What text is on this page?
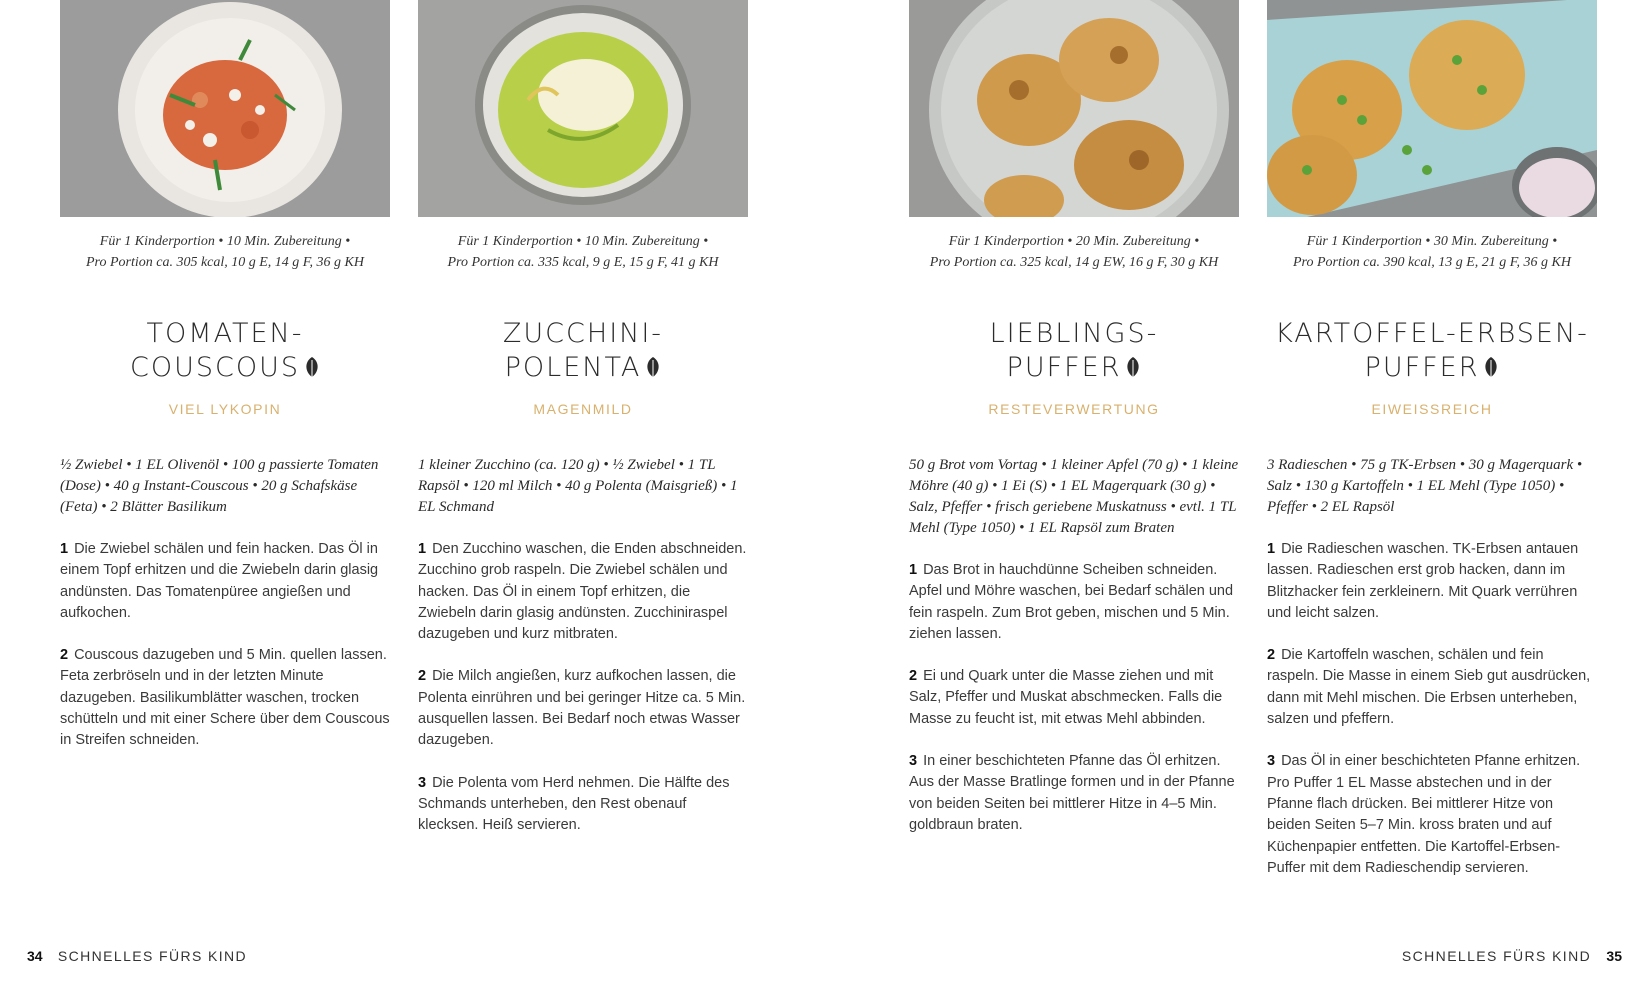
Für 1 Kinderportion • 10 Min. Zubereitung •
Pro Portion ca. 305 kcal, 10 g E, 14 g F, 36 g KH
TOMATEN-
COUSCOUS
VIEL LYKOPIN
½ Zwiebel • 1 EL Olivenöl • 100 g passierte Tomaten (Dose) • 40 g Instant-Couscous • 20 g Schafskäse (Feta) • 2 Blätter Basilikum
1 Die Zwiebel schälen und fein hacken. Das Öl in einem Topf erhitzen und die Zwiebeln darin glasig andünsten. Das Tomatenpüree angießen und aufkochen.
2 Couscous dazugeben und 5 Min. quellen lassen. Feta zerbröseln und in der letzten Minute dazugeben. Basilikumblätter waschen, trocken schütteln und mit einer Schere über dem Couscous in Streifen schneiden.
Für 1 Kinderportion • 10 Min. Zubereitung •
Pro Portion ca. 335 kcal, 9 g E, 15 g F, 41 g KH
ZUCCHINI-
POLENTA
MAGENMILD
1 kleiner Zucchino (ca. 120 g) • ½ Zwiebel • 1 TL Rapsöl • 120 ml Milch • 40 g Polenta (Maisgrieß) • 1 EL Schmand
1 Den Zucchino waschen, die Enden abschneiden. Zucchino grob raspeln. Die Zwiebel schälen und hacken. Das Öl in einem Topf erhitzen, die Zwiebeln darin glasig andünsten. Zucchiniraspel dazugeben und kurz mitbraten.
2 Die Milch angießen, kurz aufkochen lassen, die Polenta einrühren und bei geringer Hitze ca. 5 Min. ausquellen lassen. Bei Bedarf noch etwas Wasser dazugeben.
3 Die Polenta vom Herd nehmen. Die Hälfte des Schmands unterheben, den Rest obenauf klecksen. Heiß servieren.
Für 1 Kinderportion • 20 Min. Zubereitung •
Pro Portion ca. 325 kcal, 14 g EW, 16 g F, 30 g KH
LIEBLINGS-
PUFFER
RESTEVERWERTUNG
50 g Brot vom Vortag • 1 kleiner Apfel (70 g) • 1 kleine Möhre (40 g) • 1 Ei (S) • 1 EL Magerquark (30 g) • Salz, Pfeffer • frisch geriebene Muskatnuss • evtl. 1 TL Mehl (Type 1050) • 1 EL Rapsöl zum Braten
1 Das Brot in hauchdünne Scheiben schneiden. Apfel und Möhre waschen, bei Bedarf schälen und fein raspeln. Zum Brot geben, mischen und 5 Min. ziehen lassen.
2 Ei und Quark unter die Masse ziehen und mit Salz, Pfeffer und Muskat abschmecken. Falls die Masse zu feucht ist, mit etwas Mehl abbinden.
3 In einer beschichteten Pfanne das Öl erhitzen. Aus der Masse Bratlinge formen und in der Pfanne von beiden Seiten bei mittlerer Hitze in 4–5 Min. goldbraun braten.
Für 1 Kinderportion • 30 Min. Zubereitung •
Pro Portion ca. 390 kcal, 13 g E, 21 g F, 36 g KH
KARTOFFEL-ERBSEN-
PUFFER
EIWEISSREICH
3 Radieschen • 75 g TK-Erbsen • 30 g Magerquark • Salz • 130 g Kartoffeln • 1 EL Mehl (Type 1050) • Pfeffer • 2 EL Rapsöl
1 Die Radieschen waschen. TK-Erbsen antauen lassen. Radieschen erst grob hacken, dann im Blitzhacker fein zerkleinern. Mit Quark verrühren und leicht salzen.
2 Die Kartoffeln waschen, schälen und fein raspeln. Die Masse in einem Sieb gut ausdrücken, dann mit Mehl mischen. Die Erbsen unterheben, salzen und pfeffern.
3 Das Öl in einer beschichteten Pfanne erhitzen. Pro Puffer 1 EL Masse abstechen und in der Pfanne flach drücken. Bei mittlerer Hitze von beiden Seiten 5–7 Min. kross braten und auf Küchenpapier entfetten. Die Kartoffel-Erbsen-Puffer mit dem Radieschendip servieren.
34 SCHNELLES FÜRS KIND	SCHNELLES FÜRS KIND 35
